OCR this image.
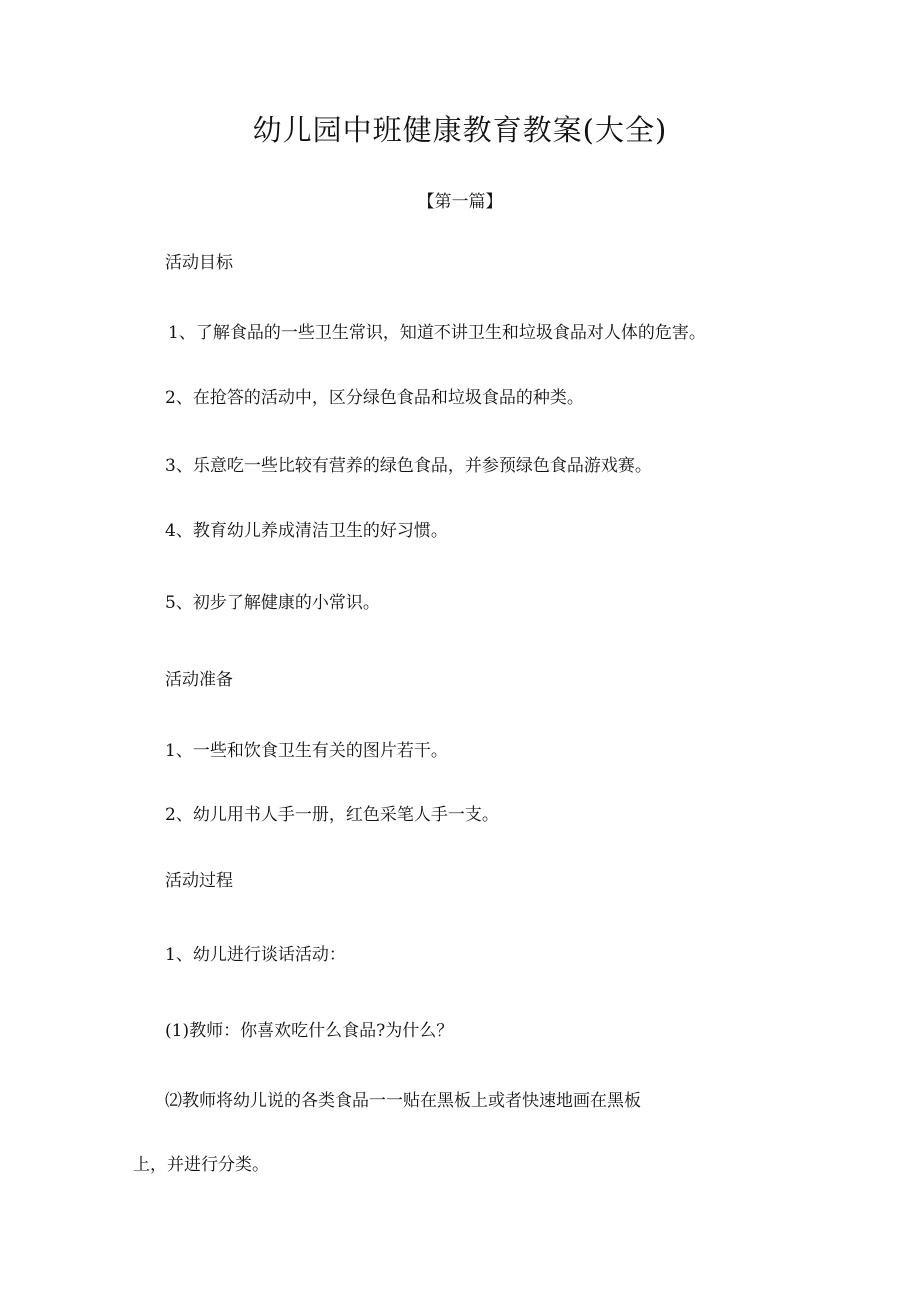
幼儿园中班健康教育教案(大全)

【第一篇】

活动目标

1、了解食品的一些卫生常识，知道不讲卫生和垃圾食品对人体的危害。

2、在抢答的活动中，区分绿色食品和垃圾食品的种类。

3、乐意吃一些比较有营养的绿色食品，并参预绿色食品游戏赛。

4、教育幼儿养成清洁卫生的好习惯。

5、初步了解健康的小常识。

活动准备

1、一些和饮食卫生有关的图片若干。

2、幼儿用书人手一册，红色采笔人手一支。

活动过程

1、幼儿进行谈话活动：

(1)教师：你喜欢吃什么食品?为什么？

⑵教师将幼儿说的各类食品一一贴在黑板上或者快速地画在黑板

上，并进行分类。
